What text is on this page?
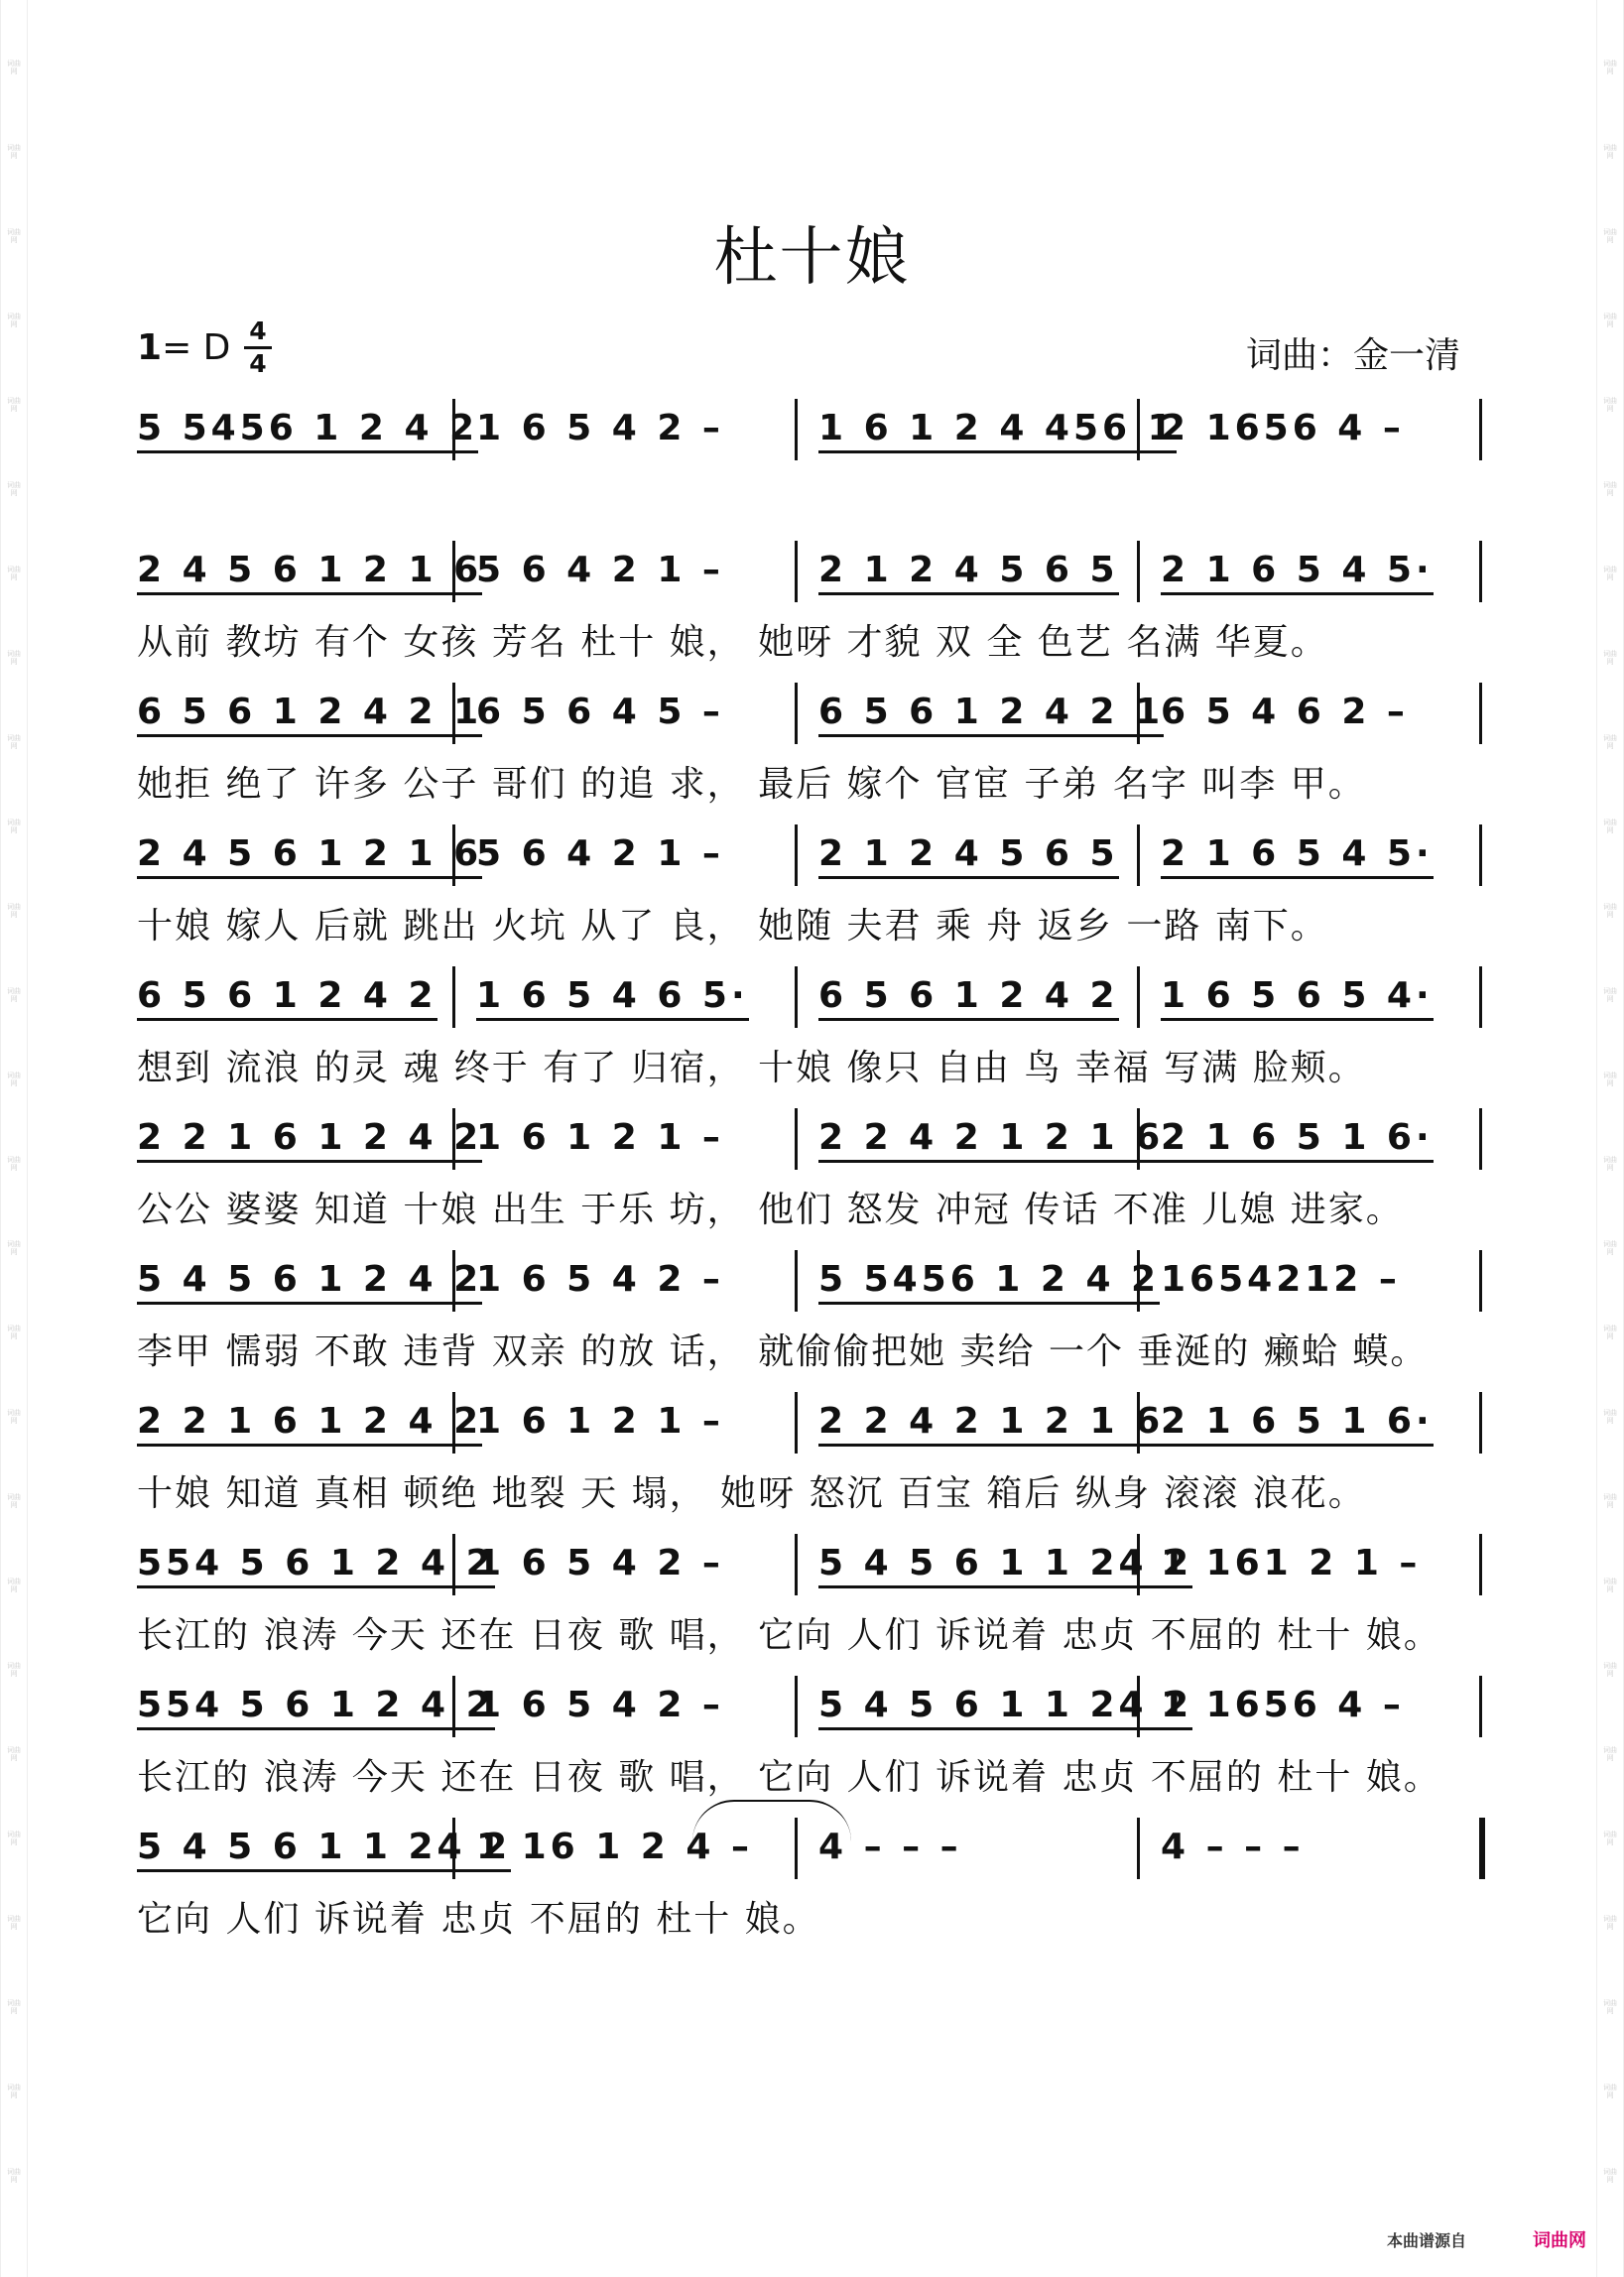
词曲网
词曲网
词曲网
词曲网
词曲网
词曲网
词曲网
词曲网
词曲网
词曲网
词曲网
词曲网
词曲网
词曲网
词曲网
词曲网
词曲网
词曲网
词曲网
词曲网
词曲网
词曲网
词曲网
词曲网
词曲网
词曲网
词曲网
词曲网
词曲网
词曲网
词曲网
词曲网
词曲网
词曲网
词曲网
词曲网
词曲网
词曲网
词曲网
词曲网
词曲网
词曲网
词曲网
词曲网
词曲网
词曲网
词曲网
词曲网
词曲网
词曲网
词曲网
词曲网
杜十娘
1= D 4
4	词曲：金一清
5 5456 1 2 4 2
1 6 5 4 2 –	1 6 1 2 4 456 1
2 1656 4 –
2 4 5 6 1 2 1 6
5 6 4 2 1 –	2 1 2 4 5 6 5 2 1 6 5 4 5·
从前 教坊 有个 女孩 芳名 杜十 娘， 她呀 才貌 双 全 色艺 名满 华夏。
6 5 6 1 2 4 2 1
6 5 6 4 5 –	6 5 6 1 2 4 2 1
6 5 4 6 2 –
她拒 绝了 许多 公子 哥们 的追 求， 最后 嫁个 官宦 子弟 名字 叫李 甲。
2 4 5 6 1 2 1 6
5 6 4 2 1 –	2 1 2 4 5 6 5 2 1 6 5 4 5·
十娘 嫁人 后就 跳出 火坑 从了 良， 她随 夫君 乘 舟 返乡 一路 南下。
6 5 6 1 2 4 2 1 6 5 4 6 5· 6 5 6 1 2 4 2 1 6 5 6 5 4·
想到 流浪 的灵 魂 终于 有了 归宿， 十娘 像只 自由 鸟 幸福 写满 脸颊。
2 2 1 6 1 2 4 2
1 6 1 2 1 –	2 2 4 2 1 2 1 6
2 1 6 5 1 6·
公公 婆婆 知道 十娘 出生 于乐 坊， 他们 怒发 冲冠 传话 不准 儿媳 进家。
5 4 5 6 1 2 4 2
1 6 5 4 2 –	5 5456 1 2 4 2 1654212 –
李甲 懦弱 不敢 违背 双亲 的放 话， 就偷偷把她 卖给 一个 垂涎的 癞蛤 蟆。
2 2 1 6 1 2 4 2
1 6 1 2 1 –	2 2 4 2 1 2 1 6
2 1 6 5 1 6·
十娘 知道 真相 顿绝 地裂 天 塌， 她呀 怒沉 百宝 箱后 纵身 滚滚 浪花。
554 5 6 1 2 4 2
1 6 5 4 2 –	5 4 5 6 1 1 24 2
1 161 2 1 –
长江的 浪涛 今天 还在 日夜 歌 唱， 它向 人们 诉说着 忠贞 不屈的 杜十 娘。
554 5 6 1 2 4 2
1 6 5 4 2 –	5 4 5 6 1 1 24 2
1 1656 4 –
长江的 浪涛 今天 还在 日夜 歌 唱， 它向 人们 诉说着 忠贞 不屈的 杜十 娘。
5 4 5 6 1 1 24 2
1 16 1 2 4 – 4 – – –	4 – – –
它向 人们 诉说着 忠贞 不屈的 杜十 娘。
本曲谱源自	词曲网
